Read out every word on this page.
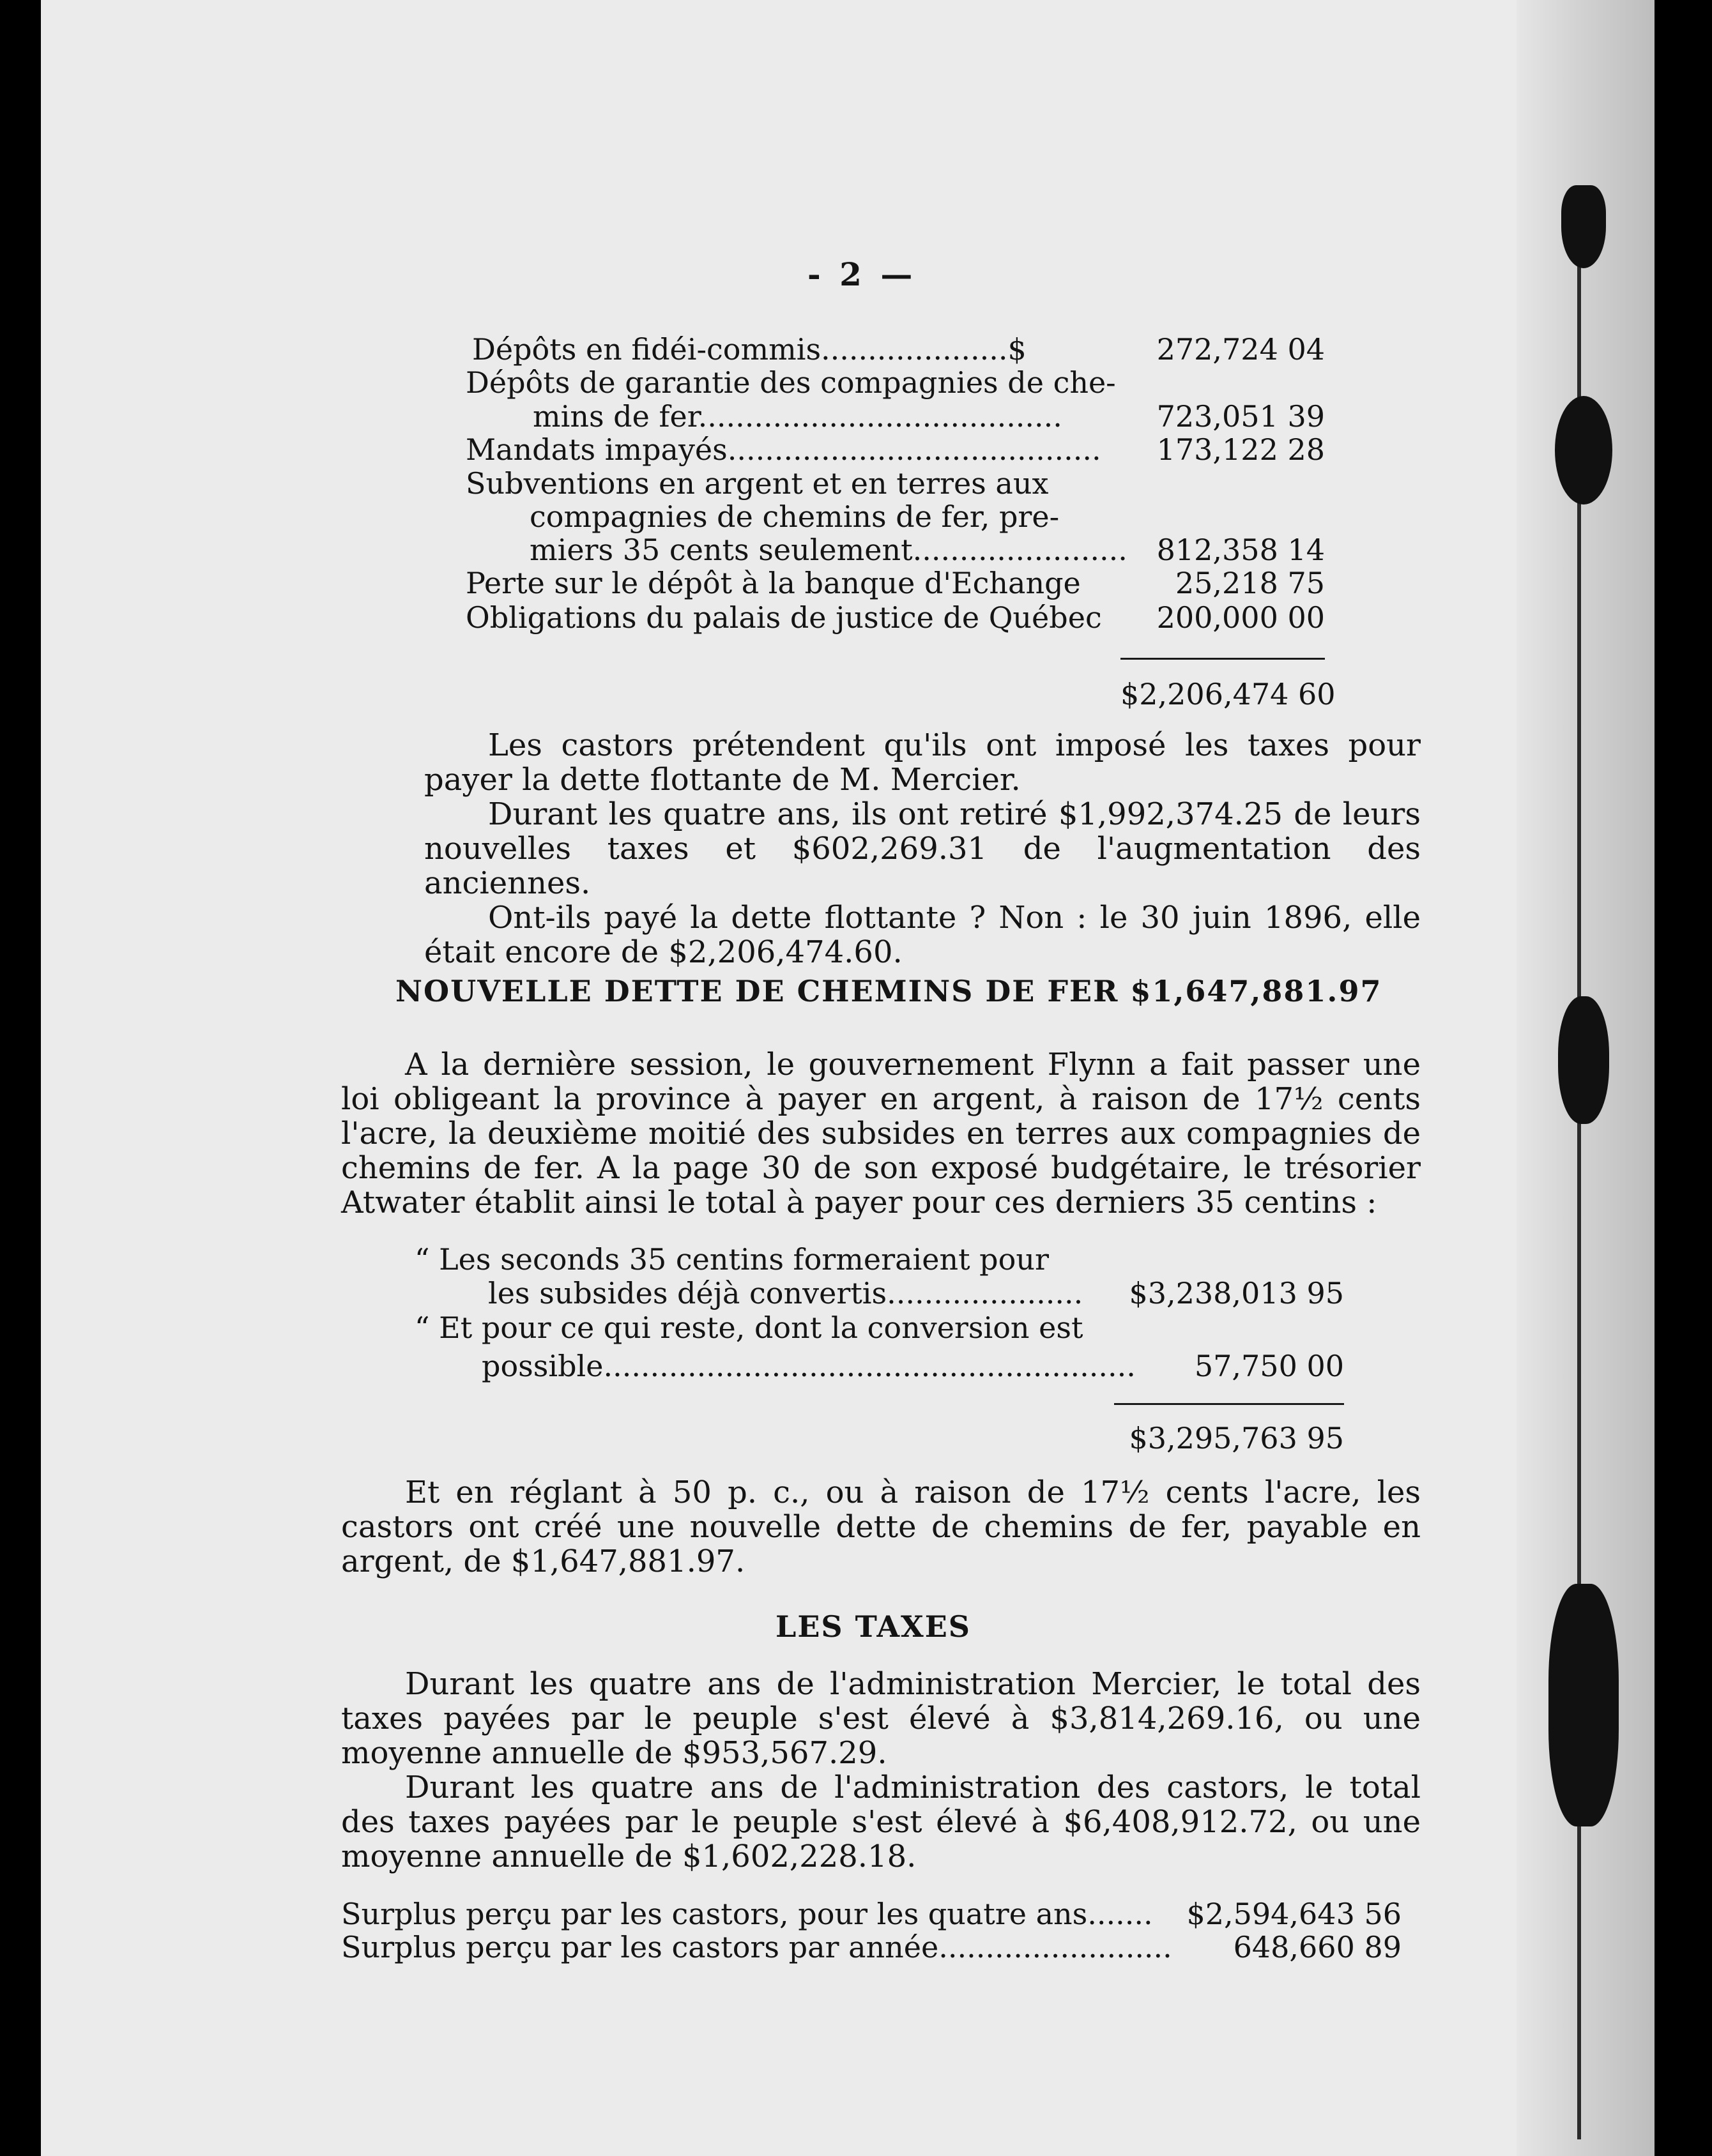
- 2 —
Dépôts en fidéi-commis....................$	272,724 04
Dépôts de garantie des compagnies de che-
mins de fer.......................................	723,051 39
Mandats impayés........................................	173,122 28
Subventions en argent et en terres aux
compagnies de chemins de fer, pre-
miers 35 cents seulement....................... 812,358 14
Perte sur le dépôt à la banque d'Echange	25,218 75
Obligations du palais de justice de Québec	200,000 00
$2,206,474 60

Les castors prétendent qu'ils ont imposé les taxes pour payer la dette flottante de M. Mercier.

Durant les quatre ans, ils ont retiré $1,992,374.25 de leurs nouvelles taxes et $602,269.31 de l'augmentation des anciennes.

Ont-ils payé la dette flottante ? Non : le 30 juin 1896, elle était encore de $2,206,474.60.

NOUVELLE DETTE DE CHEMINS DE FER $1,647,881.97

A la dernière session, le gouvernement Flynn a fait passer une loi obligeant la province à payer en argent, à raison de 17½ cents l'acre, la deuxième moitié des subsides en terres aux compagnies de chemins de fer. A la page 30 de son exposé budgétaire, le trésorier Atwater établit ainsi le total à payer pour ces derniers 35 centins :

“ Les seconds 35 centins formeraient pour
les subsides déjà convertis.....................	$3,238,013 95
“ Et pour ce qui reste, dont la conversion est
possible.........................................................	57,750 00
$3,295,763 95

Et en réglant à 50 p. c., ou à raison de 17½ cents l'acre, les castors ont créé une nouvelle dette de chemins de fer, payable en argent, de $1,647,881.97.

LES TAXES

Durant les quatre ans de l'administration Mercier, le total des taxes payées par le peuple s'est élevé à $3,814,269.16, ou une moyenne annuelle de $953,567.29.

Durant les quatre ans de l'administration des castors, le total des taxes payées par le peuple s'est élevé à $6,408,912.72, ou une moyenne annuelle de $1,602,228.18.

Surplus perçu par les castors, pour les quatre ans....... $2,594,643 56
Surplus perçu par les castors par année.........................	648,660 89
